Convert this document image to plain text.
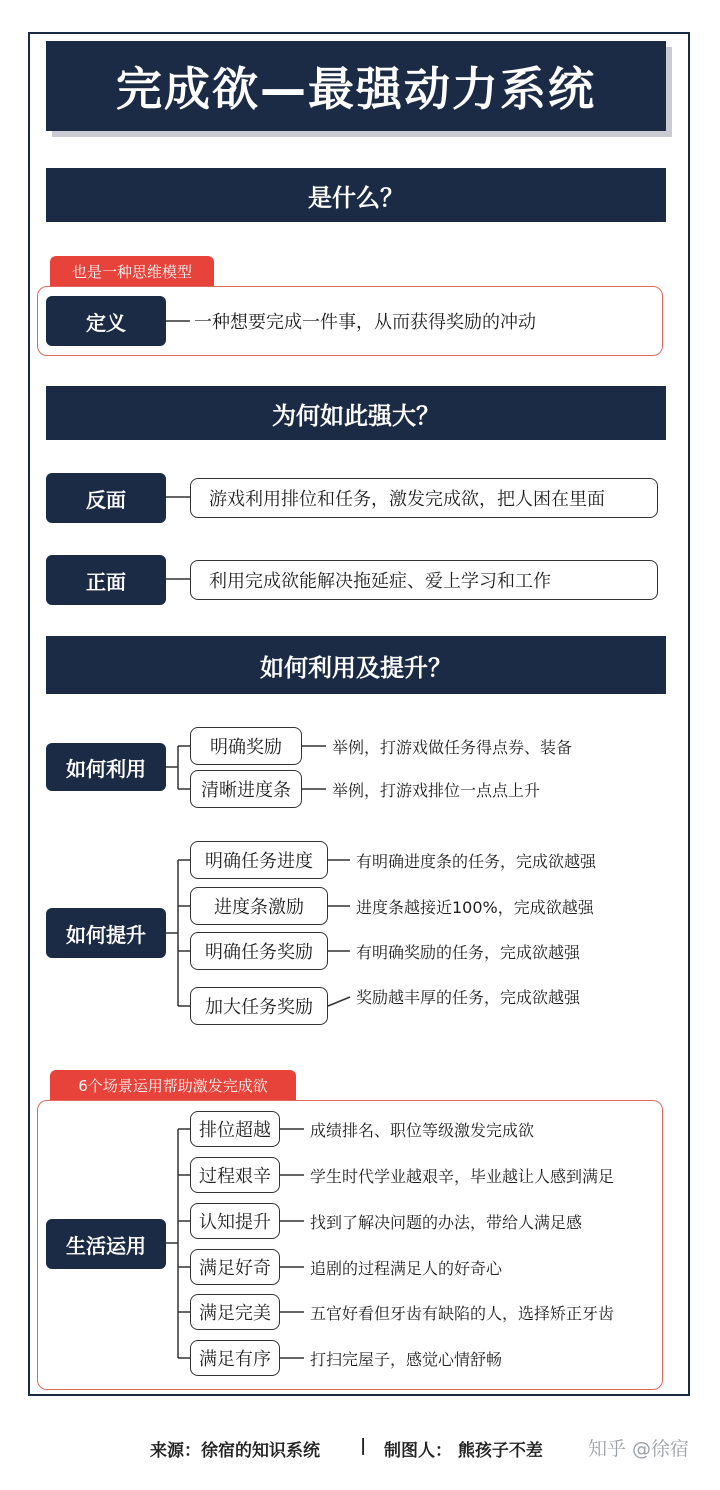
完成欲—最强动力系统
是什么？
也是一种思维模型
定义	一种想要完成一件事，从而获得奖励的冲动
为何如此强大？
反面	游戏利用排位和任务，激发完成欲，把人困在里面
正面	利用完成欲能解决拖延症、爱上学习和工作
如何利用及提升？
如何利用
明确奖励	举例，打游戏做任务得点券、装备
清晰进度条	举例，打游戏排位一点点上升
如何提升
明确任务进度	有明确进度条的任务，完成欲越强
进度条激励	进度条越接近100%，完成欲越强
明确任务奖励	有明确奖励的任务，完成欲越强
加大任务奖励	奖励越丰厚的任务，完成欲越强
6个场景运用帮助激发完成欲
生活运用
排位超越	成绩排名、职位等级激发完成欲
过程艰辛	学生时代学业越艰辛，毕业越让人感到满足
认知提升	找到了解决问题的办法，带给人满足感
满足好奇	追剧的过程满足人的好奇心
满足完美	五官好看但牙齿有缺陷的人，选择矫正牙齿
满足有序	打扫完屋子，感觉心情舒畅
来源：徐宿的知识系统 | 制图人： 熊孩子不差 知乎 @徐宿
